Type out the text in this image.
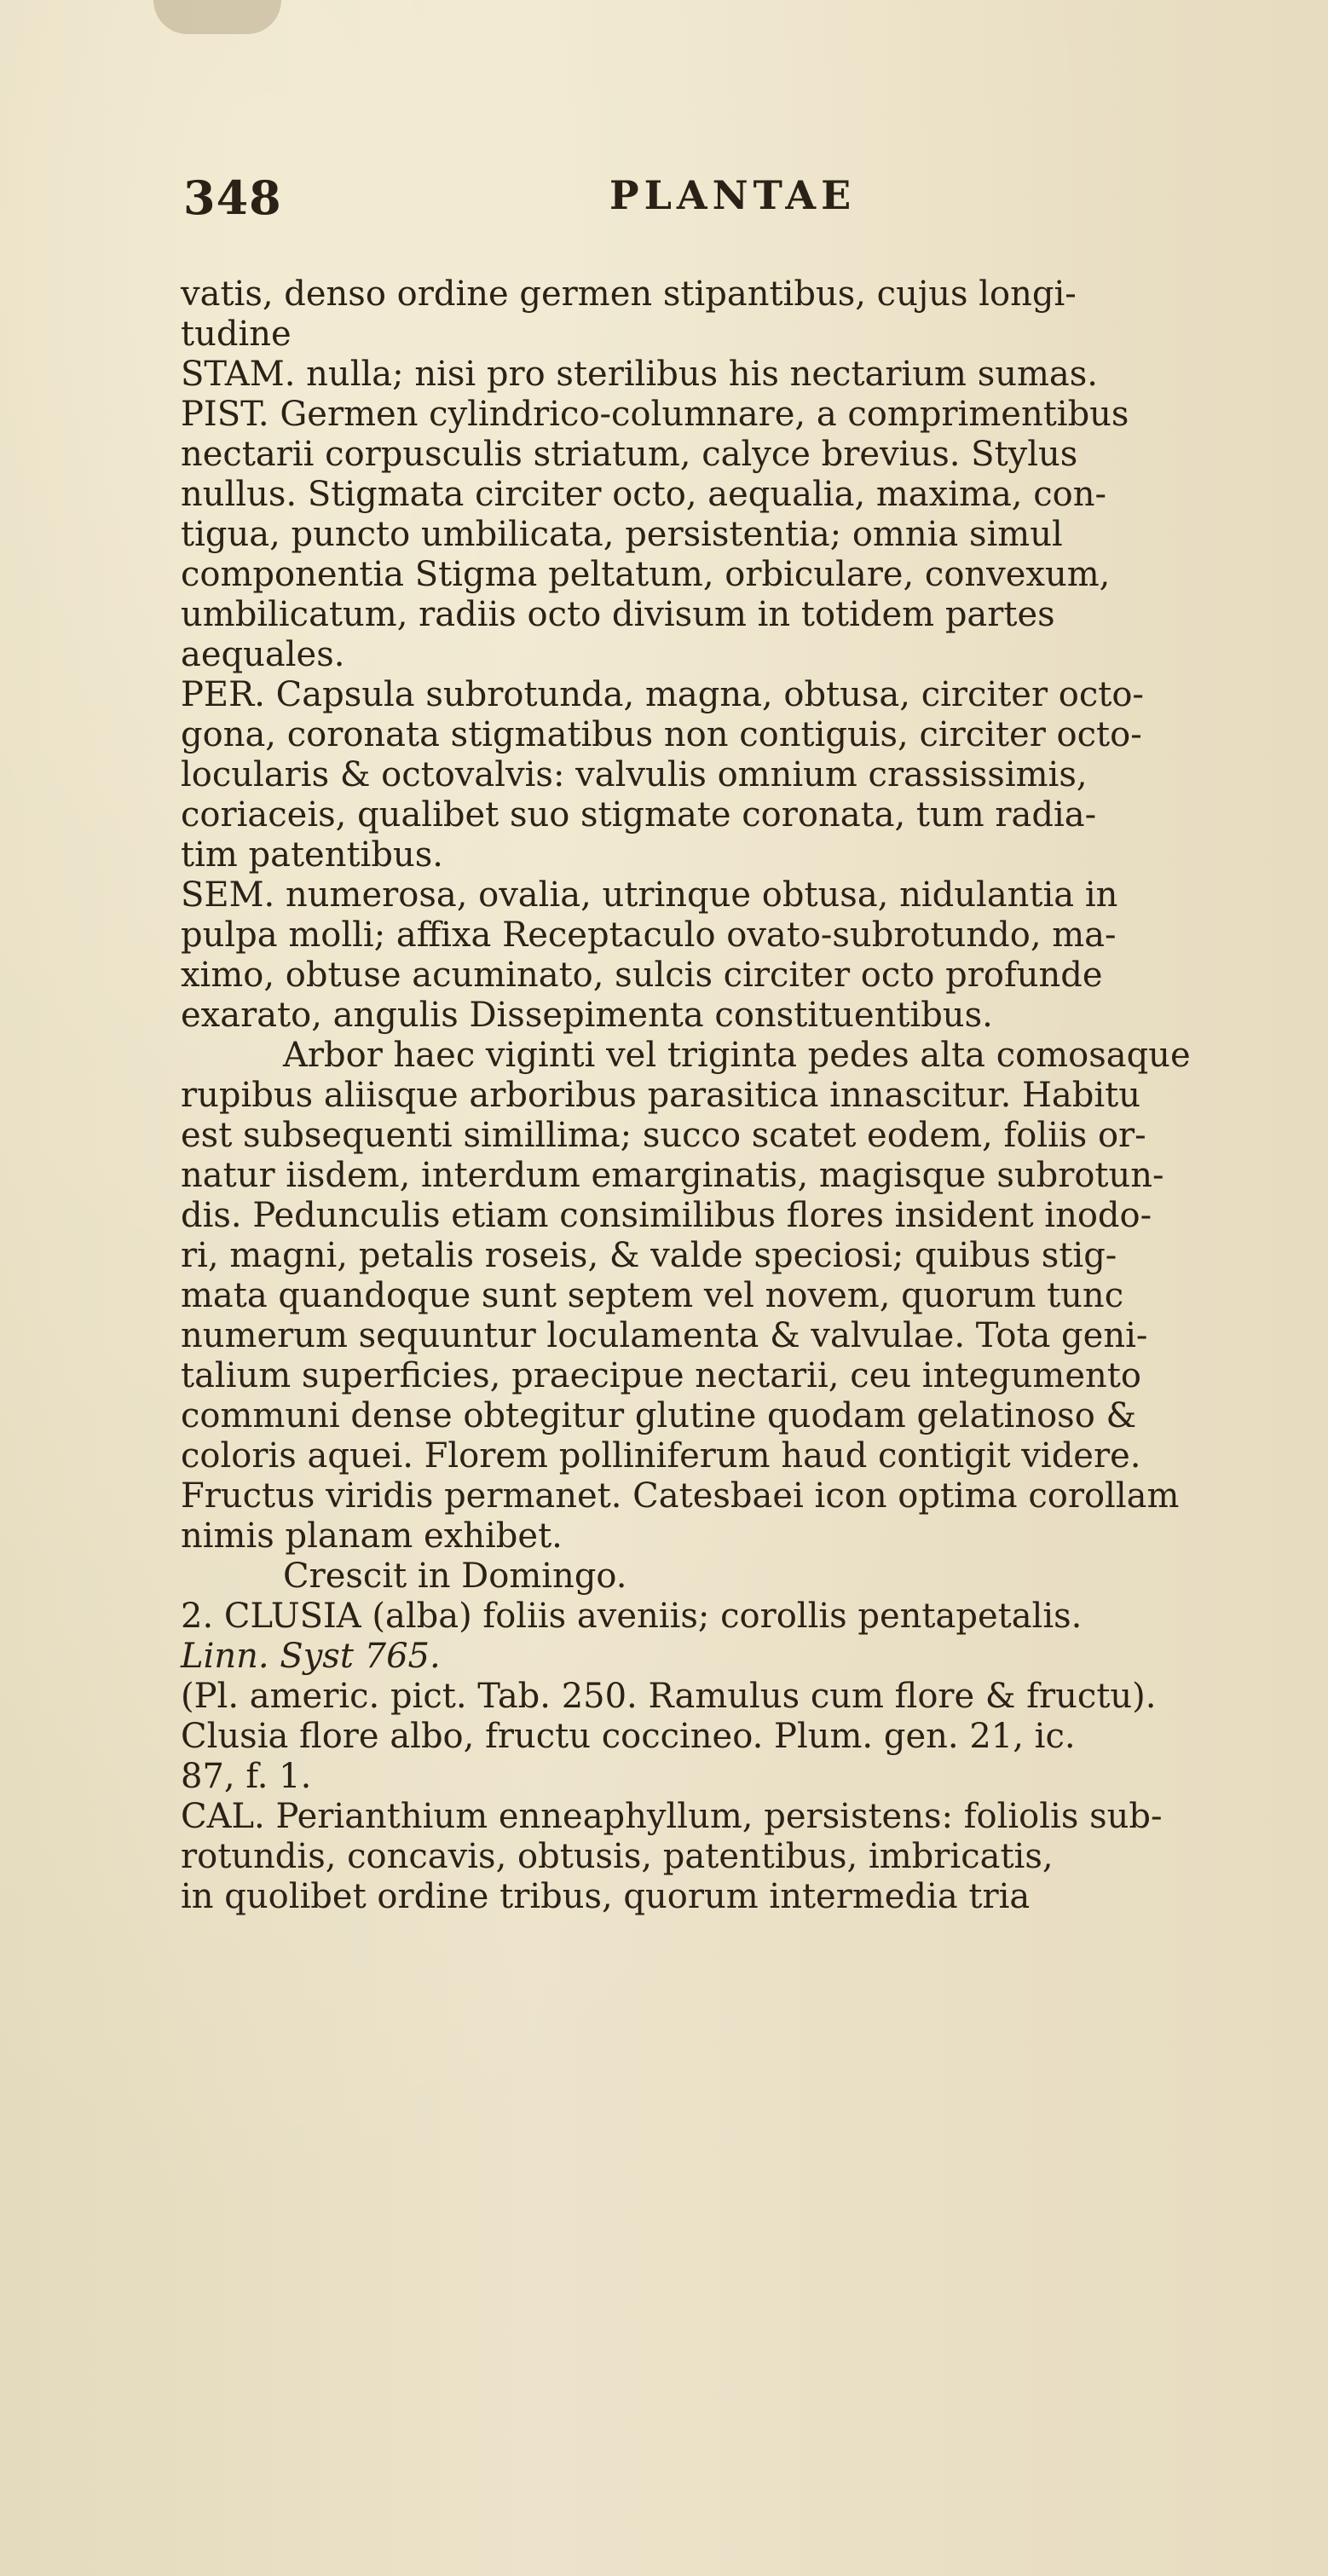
348	PLANTAE

vatis, denso ordine germen stipantibus, cujus longi-
tudine

STAM. nulla; nisi pro sterilibus his nectarium sumas.

PIST. Germen cylindrico-columnare, a comprimentibus
nectarii corpusculis striatum, calyce brevius. Stylus
nullus. Stigmata circiter octo, aequalia, maxima, con-
tigua, puncto umbilicata, persistentia; omnia simul
componentia Stigma peltatum, orbiculare, convexum,
umbilicatum, radiis octo divisum in totidem partes
aequales.

PER. Capsula subrotunda, magna, obtusa, circiter octo-
gona, coronata stigmatibus non contiguis, circiter octo-
locularis & octovalvis: valvulis omnium crassissimis,
coriaceis, qualibet suo stigmate coronata, tum radia-
tim patentibus.

SEM. numerosa, ovalia, utrinque obtusa, nidulantia in
pulpa molli; affixa Receptaculo ovato-subrotundo, ma-
ximo, obtuse acuminato, sulcis circiter octo profunde
exarato, angulis Dissepimenta constituentibus.

Arbor haec viginti vel triginta pedes alta comosaque
rupibus aliisque arboribus parasitica innascitur. Habitu
est subsequenti simillima; succo scatet eodem, foliis or-
natur iisdem, interdum emarginatis, magisque subrotun-
dis. Pedunculis etiam consimilibus flores insident inodo-
ri, magni, petalis roseis, & valde speciosi; quibus stig-
mata quandoque sunt septem vel novem, quorum tunc
numerum sequuntur loculamenta & valvulae. Tota geni-
talium superficies, praecipue nectarii, ceu integumento
communi dense obtegitur glutine quodam gelatinoso &
coloris aquei. Florem polliniferum haud contigit videre.
Fructus viridis permanet. Catesbaei icon optima corollam
nimis planam exhibet.

Crescit in Domingo.

2. CLUSIA (alba) foliis aveniis; corollis pentapetalis.
Linn. Syst 765.

(Pl. americ. pict. Tab. 250. Ramulus cum flore & fructu).

Clusia flore albo, fructu coccineo. Plum. gen. 21, ic.
87, f. 1.

CAL. Perianthium enneaphyllum, persistens: foliolis sub-
rotundis, concavis, obtusis, patentibus, imbricatis,
in quolibet ordine tribus, quorum intermedia tria
